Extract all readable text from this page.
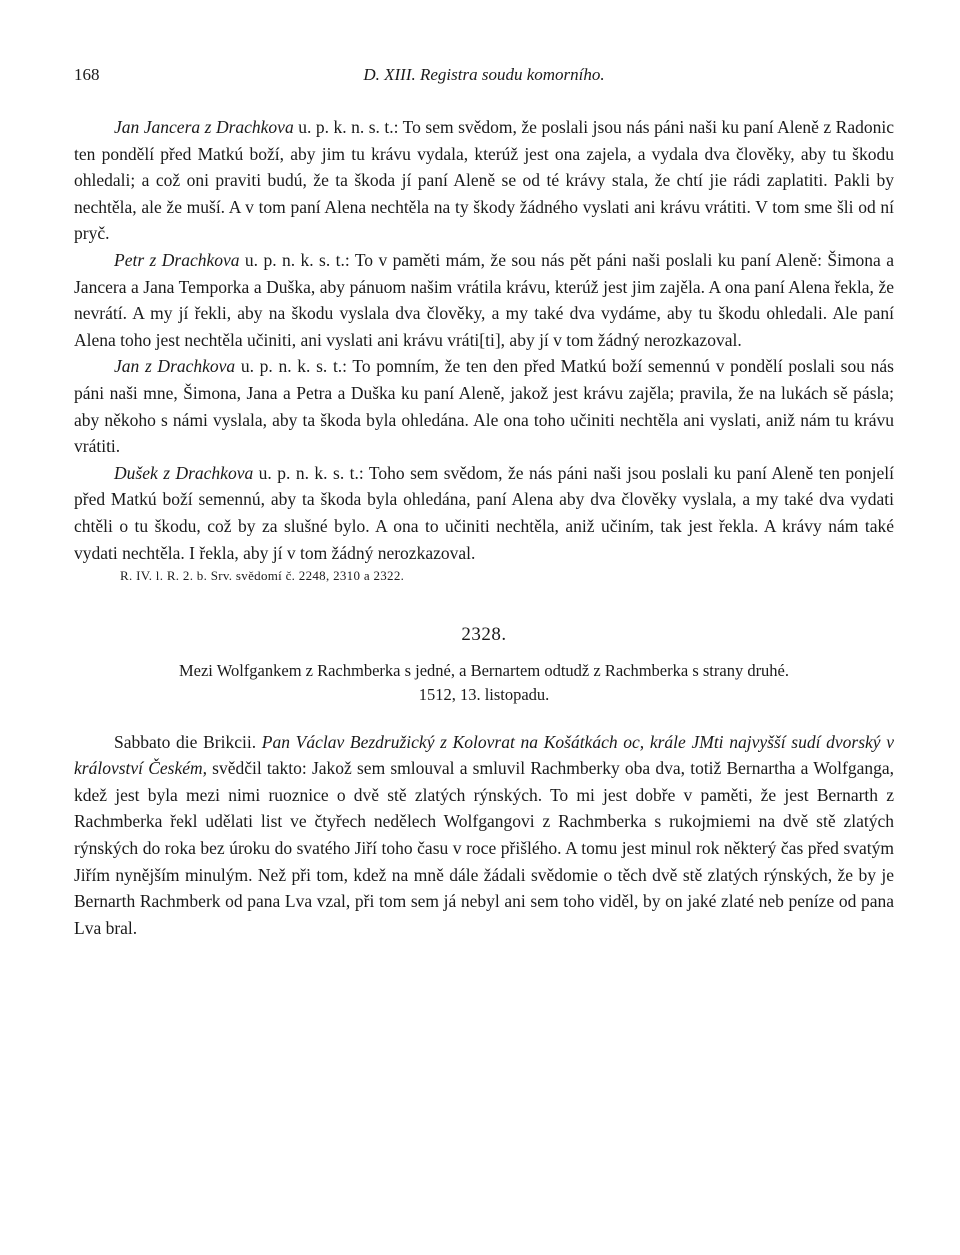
168	D. XIII. Registra soudu komorního.

Jan Jancera z Drachkova u. p. k. n. s. t.: To sem svědom, že poslali jsou nás páni naši ku paní Aleně z Radonic ten pondělí před Matkú boží, aby jim tu krávu vydala, kterúž jest ona zajela, a vydala dva člověky, aby tu škodu ohledali; a což oni praviti budú, že ta škoda jí paní Aleně se od té krávy stala, že chtí jie rádi zaplatiti. Pakli by nechtěla, ale že muší. A v tom paní Alena nechtěla na ty škody žádného vyslati ani krávu vrátiti. V tom sme šli od ní pryč.

Petr z Drachkova u. p. n. k. s. t.: To v paměti mám, že sou nás pět páni naši poslali ku paní Aleně: Šimona a Jancera a Jana Temporka a Duška, aby pánuom našim vrátila krávu, kterúž jest jim zajěla. A ona paní Alena řekla, že nevrátí. A my jí řekli, aby na škodu vyslala dva člověky, a my také dva vydáme, aby tu škodu ohledali. Ale paní Alena toho jest nechtěla učiniti, ani vyslati ani krávu vráti[ti], aby jí v tom žádný nerozkazoval.

Jan z Drachkova u. p. n. k. s. t.: To pomním, že ten den před Matkú boží semennú v pondělí poslali sou nás páni naši mne, Šimona, Jana a Petra a Duška ku paní Aleně, jakož jest krávu zajěla; pravila, že na lukách sě pásla; aby někoho s námi vyslala, aby ta škoda byla ohledána. Ale ona toho učiniti nechtěla ani vyslati, aniž nám tu krávu vrátiti.

Dušek z Drachkova u. p. n. k. s. t.: Toho sem svědom, že nás páni naši jsou poslali ku paní Aleně ten ponjelí před Matkú boží semennú, aby ta škoda byla ohledána, paní Alena aby dva člověky vyslala, a my také dva vydati chtěli o tu škodu, což by za slušné bylo. A ona to učiniti nechtěla, aniž učiním, tak jest řekla. A krávy nám také vydati nechtěla. I řekla, aby jí v tom žádný nerozkazoval.

R. IV. l. R. 2. b. Srv. svědomí č. 2248, 2310 a 2322.

2328.

Mezi Wolfgankem z Rachmberka s jedné, a Bernartem odtudž z Rachmberka s strany druhé.

1512, 13. listopadu.

Sabbato die Brikcii. Pan Václav Bezdružický z Kolovrat na Košátkách oc, krále JMti najvyšší sudí dvorský v království Českém, svědčil takto: Jakož sem smlouval a smluvil Rachmberky oba dva, totiž Bernartha a Wolfganga, kdež jest byla mezi nimi ruoznice o dvě stě zlatých rýnských. To mi jest dobře v paměti, že jest Bernarth z Rachmberka řekl udělati list ve čtyřech nedělech Wolfgangovi z Rachmberka s rukojmiemi na dvě stě zlatých rýnských do roka bez úroku do svatého Jiří toho času v roce přišlého. A tomu jest minul rok některý čas před svatým Jiřím nynějším minulým. Než při tom, kdež na mně dále žádali svědomie o těch dvě stě zlatých rýnských, že by je Bernarth Rachmberk od pana Lva vzal, při tom sem já nebyl ani sem toho viděl, by on jaké zlaté neb peníze od pana Lva bral.
